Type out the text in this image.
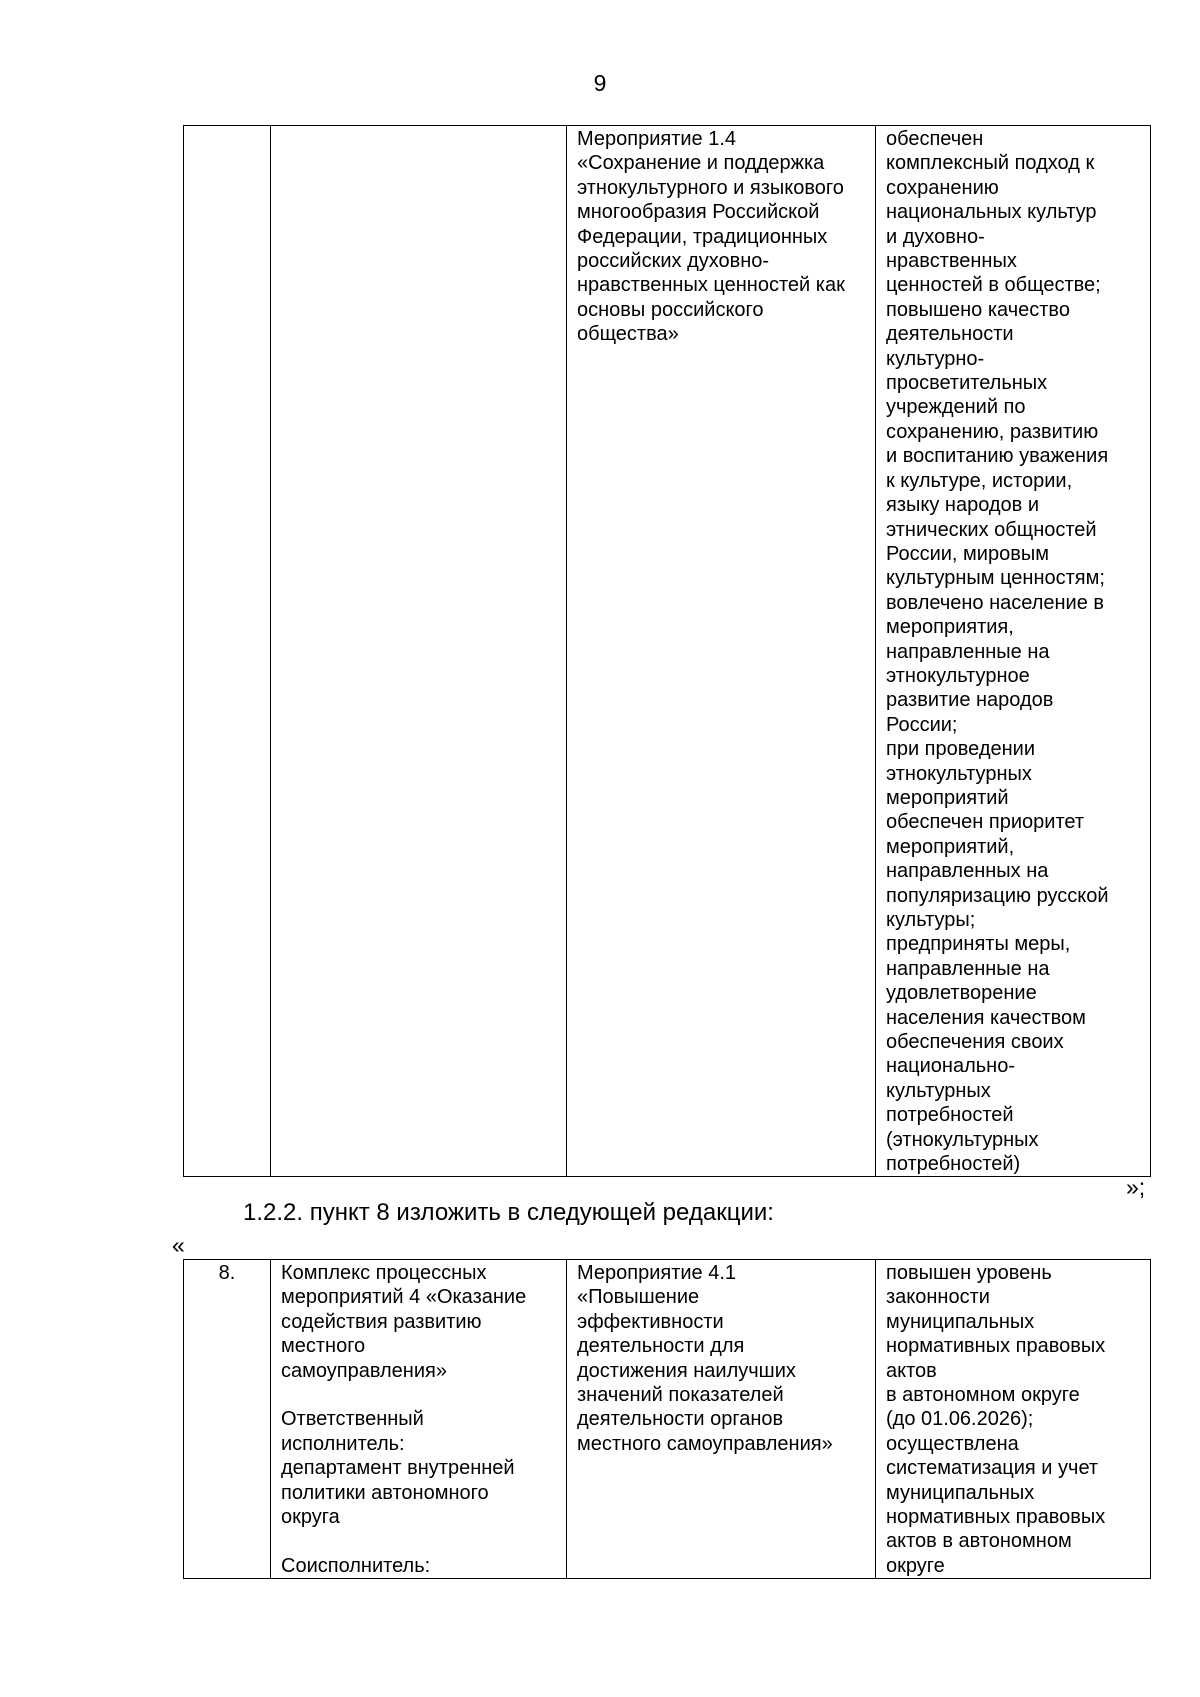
9
		Мероприятие 1.4
«Сохранение и поддержка этнокультурного и языкового многообразия Российской Федерации, традиционных российских духовно-нравственных ценностей как основы российского общества»	обеспечен
комплексный подход к
сохранению
национальных культур
и духовно-
нравственных
ценностей в обществе;
повышено качество
деятельности
культурно-
просветительных
учреждений по
сохранению, развитию
и воспитанию уважения
к культуре, истории,
языку народов и
этнических общностей
России, мировым
культурным ценностям;
вовлечено население в
мероприятия,
направленные на
этнокультурное
развитие народов
России;
при проведении
этнокультурных
мероприятий
обеспечен приоритет
мероприятий,
направленных на
популяризацию русской
культуры;
предприняты меры,
направленные на
удовлетворение
населения качеством
обеспечения своих
национально-
культурных
потребностей
(этнокультурных
потребностей)
»;
1.2.2. пункт 8 изложить в следующей редакции:
«
8.	Комплекс процессных
мероприятий 4 «Оказание
содействия развитию
местного
самоуправления»

Ответственный
исполнитель:
департамент внутренней
политики автономного
округа

Соисполнитель:	Мероприятие 4.1
«Повышение
эффективности
деятельности для
достижения наилучших
значений показателей
деятельности органов
местного самоуправления»	повышен уровень
законности
муниципальных
нормативных правовых
актов
в автономном округе
(до 01.06.2026);
осуществлена
систематизация и учет
муниципальных
нормативных правовых
актов в автономном
округе
